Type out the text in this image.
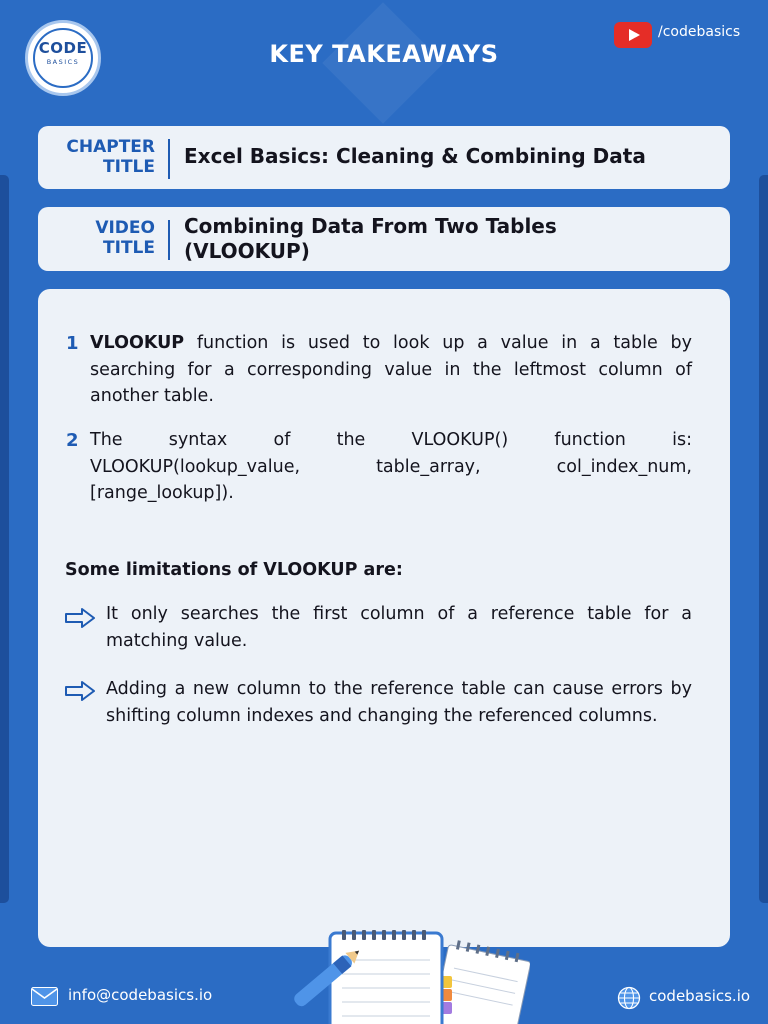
CODE
BASICS	KEY TAKEAWAYS
/codebasics
CHAPTER
TITLE Excel Basics: Cleaning & Combining Data
VIDEO
TITLE
Combining Data From Two Tables
(VLOOKUP)
1 VLOOKUP function is used to look up a value in a table by searching for a corresponding value in the leftmost column of another table.
2 The syntax of the VLOOKUP() function is:
VLOOKUP(lookup_value, table_array, col_index_num,
[range_lookup]).
Some limitations of VLOOKUP are:
It only searches the first column of a reference table for a matching value.
Adding a new column to the reference table can cause errors by shifting column indexes and changing the referenced columns.
info@codebasics.io	codebasics.io
